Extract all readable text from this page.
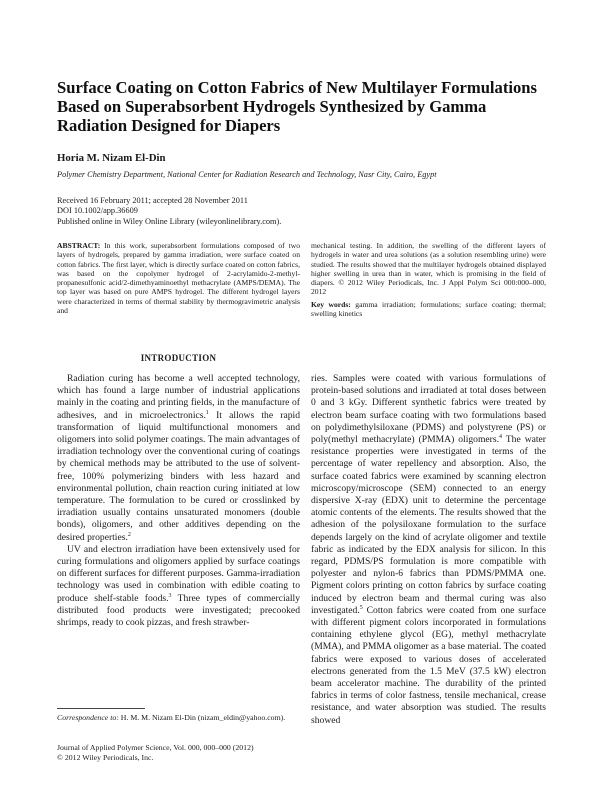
Surface Coating on Cotton Fabrics of New Multilayer Formulations Based on Superabsorbent Hydrogels Synthesized by Gamma Radiation Designed for Diapers
Horia M. Nizam El-Din
Polymer Chemistry Department, National Center for Radiation Research and Technology, Nasr City, Cairo, Egypt
Received 16 February 2011; accepted 28 November 2011
DOI 10.1002/app.36609
Published online in Wiley Online Library (wileyonlinelibrary.com).
ABSTRACT: In this work, superabsorbent formulations composed of two layers of hydrogels, prepared by gamma irradiation, were surface coated on cotton fabrics. The first layer, which is directly surface coated on cotton fabrics, was based on the copolymer hydrogel of 2-acrylamido-2-methyl-propanesulfonic acid/2-dimethyaminoethyl methacrylate (AMPS/DEMA). The top layer was based on pure AMPS hydrogel. The different hydrogel layers were characterized in terms of thermal stability by thermogravimetric analysis and
mechanical testing. In addition, the swelling of the different layers of hydrogels in water and urea solutions (as a solution resembling urine) were studied. The results showed that the multilayer hydrogels obtained displayed higher swelling in urea than in water, which is promising in the field of diapers. © 2012 Wiley Periodicals, Inc. J Appl Polym Sci 000:000–000, 2012
Key words: gamma irradiation; formulations; surface coating; thermal; swelling kinetics
INTRODUCTION

Radiation curing has become a well accepted technology, which has found a large number of industrial applications mainly in the coating and printing fields, in the manufacture of adhesives, and in microelectronics.$^1$ It allows the rapid transformation of liquid multifunctional monomers and oligomers into solid polymer coatings. The main advantages of irradiation technology over the conventional curing of coatings by chemical methods may be attributed to the use of solvent-free, 100% polymerizing binders with less hazard and environmental pollution, chain reaction curing initiated at low temperature. The formulation to be cured or crosslinked by irradiation usually contains unsaturated monomers (double bonds), oligomers, and other additives depending on the desired properties.$^2$

UV and electron irradiation have been extensively used for curing formulations and oligomers applied by surface coatings on different surfaces for different purposes. Gamma-irradiation technology was used in combination with edible coating to produce shelf-stable foods.$^3$ Three types of commercially distributed food products were investigated; precooked shrimps, ready to cook pizzas, and fresh strawber-

ries. Samples were coated with various formulations of protein-based solutions and irradiated at total doses between 0 and 3 kGy. Different synthetic fabrics were treated by electron beam surface coating with two formulations based on polydimethylsiloxane (PDMS) and polystyrene (PS) or poly(methyl methacrylate) (PMMA) oligomers.$^4$ The water resistance properties were investigated in terms of the percentage of water repellency and absorption. Also, the surface coated fabrics were examined by scanning electron microscopy/microscope (SEM) connected to an energy dispersive X-ray (EDX) unit to determine the percentage atomic contents of the elements. The results showed that the adhesion of the polysiloxane formulation to the surface depends largely on the kind of acrylate oligomer and textile fabric as indicated by the EDX analysis for silicon. In this regard, PDMS/PS formulation is more compatible with polyester and nylon-6 fabrics than PDMS/PMMA one. Pigment colors printing on cotton fabrics by surface coating induced by electron beam and thermal curing was also investigated.$^5$ Cotton fabrics were coated from one surface with different pigment colors incorporated in formulations containing ethylene glycol (EG), methyl methacrylate (MMA), and PMMA oligomer as a base material. The coated fabrics were exposed to various doses of accelerated electrons generated from the 1.5 MeV (37.5 kW) electron beam accelerator machine. The durability of the printed fabrics in terms of color fastness, tensile mechanical, crease resistance, and water absorption was studied. The results showed

Correspondence to: H. M. M. Nizam El-Din (nizam_eldin@yahoo.com).
Journal of Applied Polymer Science, Vol. 000, 000–000 (2012)
© 2012 Wiley Periodicals, Inc.
